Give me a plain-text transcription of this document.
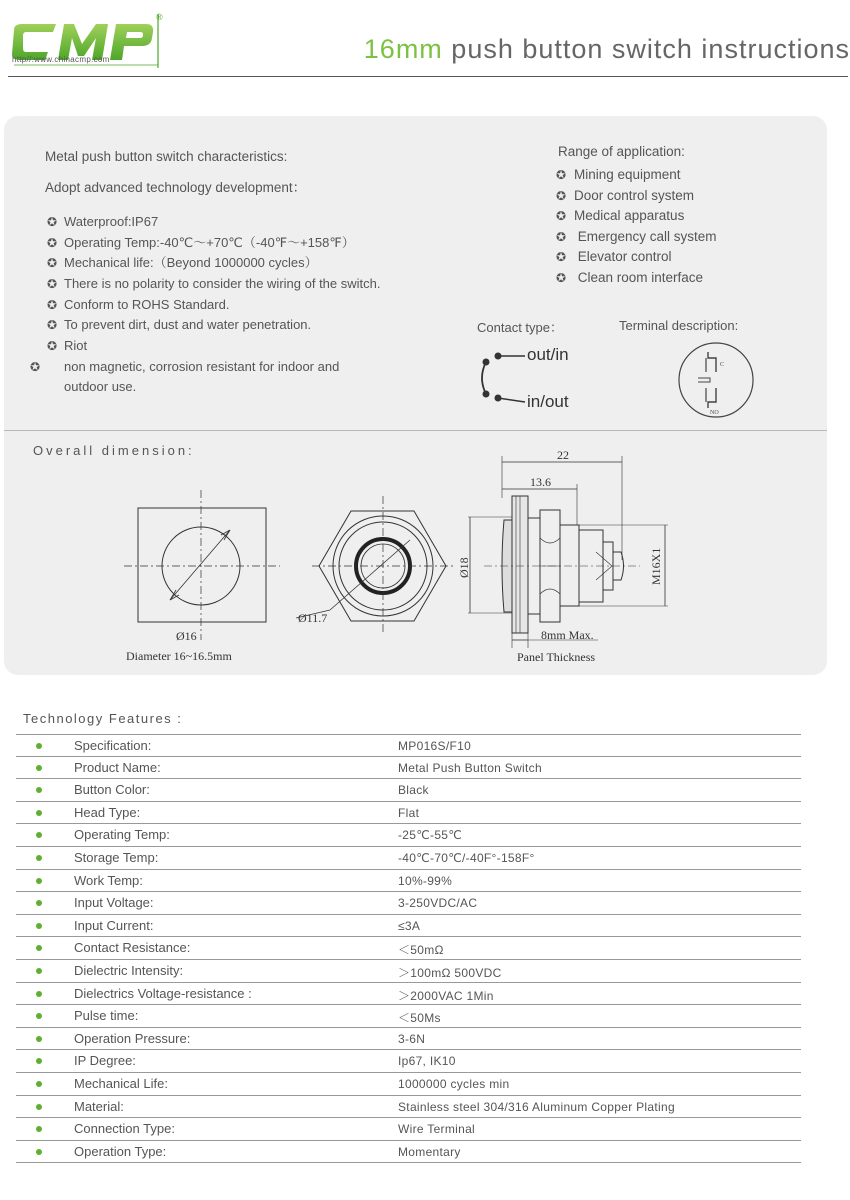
®
http//:www.chinacmp.com	16mm push button switch instructions
Metal push button switch characteristics:
Adopt advanced technology development：
✪ Waterproof:IP67
✪ Operating Temp:-40℃～+70℃（-40℉～+158℉）
✪ Mechanical life:（Beyond 1000000 cycles）
✪ There is no polarity to consider the wiring of the switch.
✪ Conform to ROHS Standard.
✪ To prevent dirt, dust and water penetration.
✪ Riot
✪ non magnetic, corrosion resistant for indoor and outdoor use.
Range of application:
✪ Mining equipment
✪ Door control system
✪ Medical apparatus
✪ Emergency call system
✪ Elevator control
✪ Clean room interface
Contact type：	Terminal description:
out/in
in/out
C
NO
Overall dimension:
Ø16
Diameter 16~16.5mm
Ø11.7
22
13.6
Ø18	M16X1
8mm Max.
Panel Thickness
Technology Features :
Specification:	MP016S/F10
Product Name:	Metal Push Button Switch
Button Color:	Black
Head Type:	Flat
Operating Temp:	-25℃-55℃
Storage Temp:	-40℃-70℃/-40F°-158F°
Work Temp:	10%-99%
Input Voltage:	3-250VDC/AC
Input Current:	≤3A
Contact Resistance:	＜50mΩ
Dielectric Intensity:	＞100mΩ 500VDC
Dielectrics Voltage-resistance :	＞2000VAC 1Min
Pulse time:	＜50Ms
Operation Pressure:	3-6N
IP Degree:	Ip67, IK10
Mechanical Life:	1000000 cycles min
Material:	Stainless steel 304/316 Aluminum Copper Plating
Connection Type:	Wire Terminal
Operation Type:	Momentary
